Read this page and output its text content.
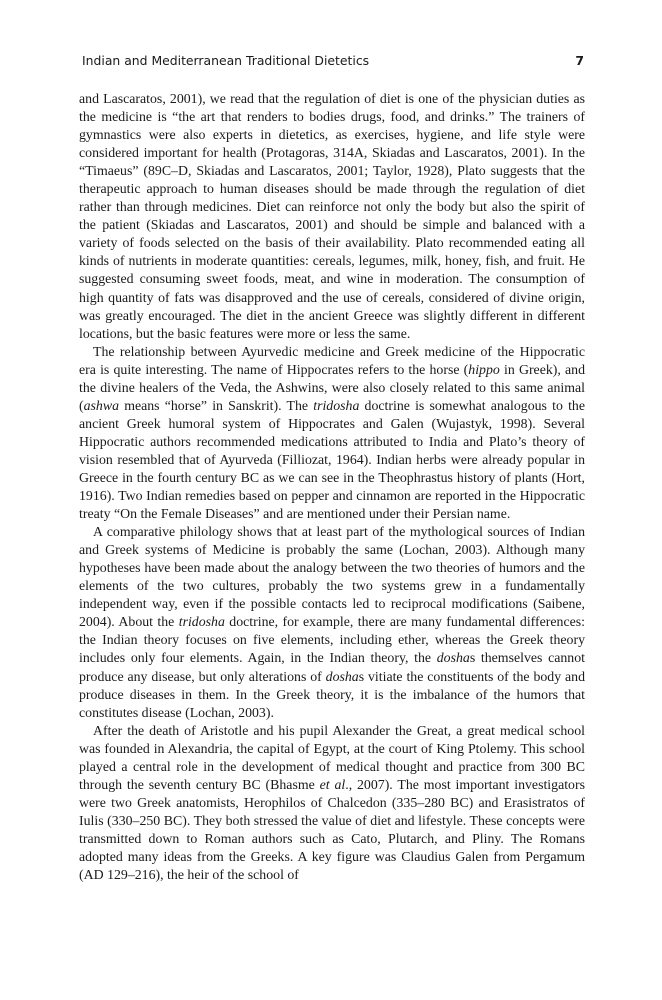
Indian and Mediterranean Traditional Dietetics	7

and Lascaratos, 2001), we read that the regulation of diet is one of the physician duties as the medicine is “the art that renders to bodies drugs, food, and drinks.” The trainers of gymnastics were also experts in dietetics, as exercises, hygiene, and life style were considered important for health (Protagoras, 314A, Skiadas and Lascaratos, 2001). In the “Timaeus” (89C–D, Skiadas and Lascaratos, 2001; Taylor, 1928), Plato suggests that the therapeutic approach to human diseases should be made through the regulation of diet rather than through medicines. Diet can reinforce not only the body but also the spirit of the patient (Skiadas and Lascaratos, 2001) and should be simple and balanced with a variety of foods selected on the basis of their availability. Plato recommended eating all kinds of nutrients in moderate quantities: cereals, legumes, milk, honey, fish, and fruit. He suggested consuming sweet foods, meat, and wine in moderation. The consumption of high quantity of fats was disapproved and the use of cereals, considered of divine origin, was greatly encouraged. The diet in the ancient Greece was slightly different in different locations, but the basic features were more or less the same.

The relationship between Ayurvedic medicine and Greek medicine of the Hippocratic era is quite interesting. The name of Hippocrates refers to the horse (hippo in Greek), and the divine healers of the Veda, the Ashwins, were also closely related to this same animal (ashwa means “horse” in Sanskrit). The tridosha doctrine is somewhat analogous to the ancient Greek humoral system of Hippocrates and Galen (Wujastyk, 1998). Several Hippocratic authors recommended medications attributed to India and Plato’s theory of vision resembled that of Ayurveda (Filliozat, 1964). Indian herbs were already popular in Greece in the fourth century BC as we can see in the Theophrastus history of plants (Hort, 1916). Two Indian remedies based on pepper and cinnamon are reported in the Hippocratic treaty “On the Female Diseases” and are mentioned under their Persian name.

A comparative philology shows that at least part of the mythological sources of Indian and Greek systems of Medicine is probably the same (Lochan, 2003). Although many hypotheses have been made about the analogy between the two theories of humors and the elements of the two cultures, probably the two systems grew in a fundamentally independent way, even if the possible contacts led to reciprocal modifications (Saibene, 2004). About the tridosha doctrine, for example, there are many fundamental differences: the Indian theory focuses on five elements, including ether, whereas the Greek theory includes only four elements. Again, in the Indian theory, the doshas themselves cannot produce any disease, but only alterations of doshas vitiate the constituents of the body and produce diseases in them. In the Greek theory, it is the imbalance of the humors that constitutes disease (Lochan, 2003).

After the death of Aristotle and his pupil Alexander the Great, a great medical school was founded in Alexandria, the capital of Egypt, at the court of King Ptolemy. This school played a central role in the development of medical thought and practice from 300 BC through the seventh century BC (Bhasme et al., 2007). The most important investigators were two Greek anatomists, Herophilos of Chalcedon (335–280 BC) and Erasistratos of Iulis (330–250 BC). They both stressed the value of diet and lifestyle. These concepts were transmitted down to Roman authors such as Cato, Plutarch, and Pliny. The Romans adopted many ideas from the Greeks. A key figure was Claudius Galen from Pergamum (AD 129–216), the heir of the school of
